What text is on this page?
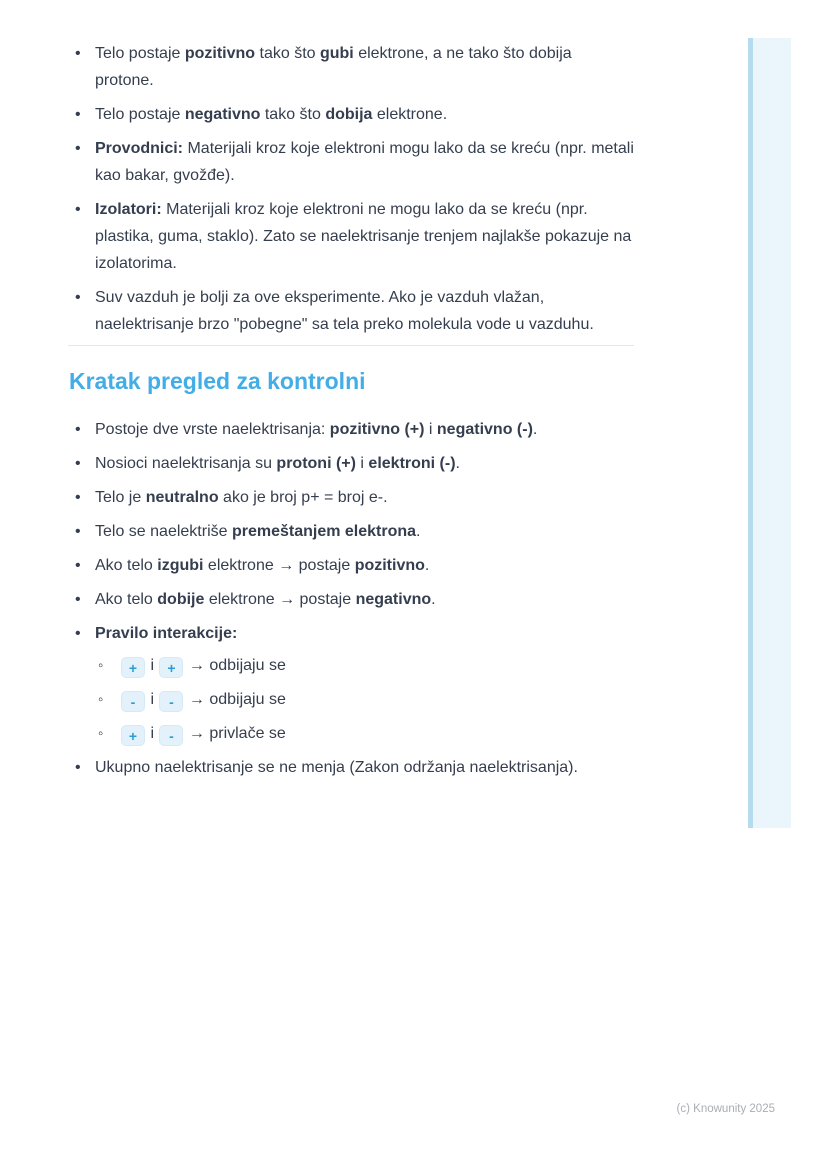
• Telo postaje pozitivno tako što gubi elektrone, a ne tako što dobija protone.
• Telo postaje negativno tako što dobija elektrone.
• Provodnici: Materijali kroz koje elektroni mogu lako da se kreću (npr. metali kao bakar, gvožđe).
• Izolatori: Materijali kroz koje elektroni ne mogu lako da se kreću (npr. plastika, guma, staklo). Zato se naelektrisanje trenjem najlakše pokazuje na izolatorima.
• Suv vazduh je bolji za ove eksperimente. Ako je vazduh vlažan, naelektrisanje brzo "pobegne" sa tela preko molekula vode u vazduhu.
Kratak pregled za kontrolni
• Postoje dve vrste naelektrisanja: pozitivno (+) i negativno (-).
• Nosioci naelektrisanja su protoni (+) i elektroni (-).
• Telo je neutralno ako je broj p+ = broj e-.
• Telo se naelektriše premeštanjem elektrona.
• Ako telo izgubi elektrone → postaje pozitivno.
• Ako telo dobije elektrone → postaje negativno.
• Pravilo interakcije:
◦ + i + → odbijaju se
◦ - i - → odbijaju se
◦ + i - → privlače se
• Ukupno naelektrisanje se ne menja (Zakon održanja naelektrisanja).
(c) Knowunity 2025
